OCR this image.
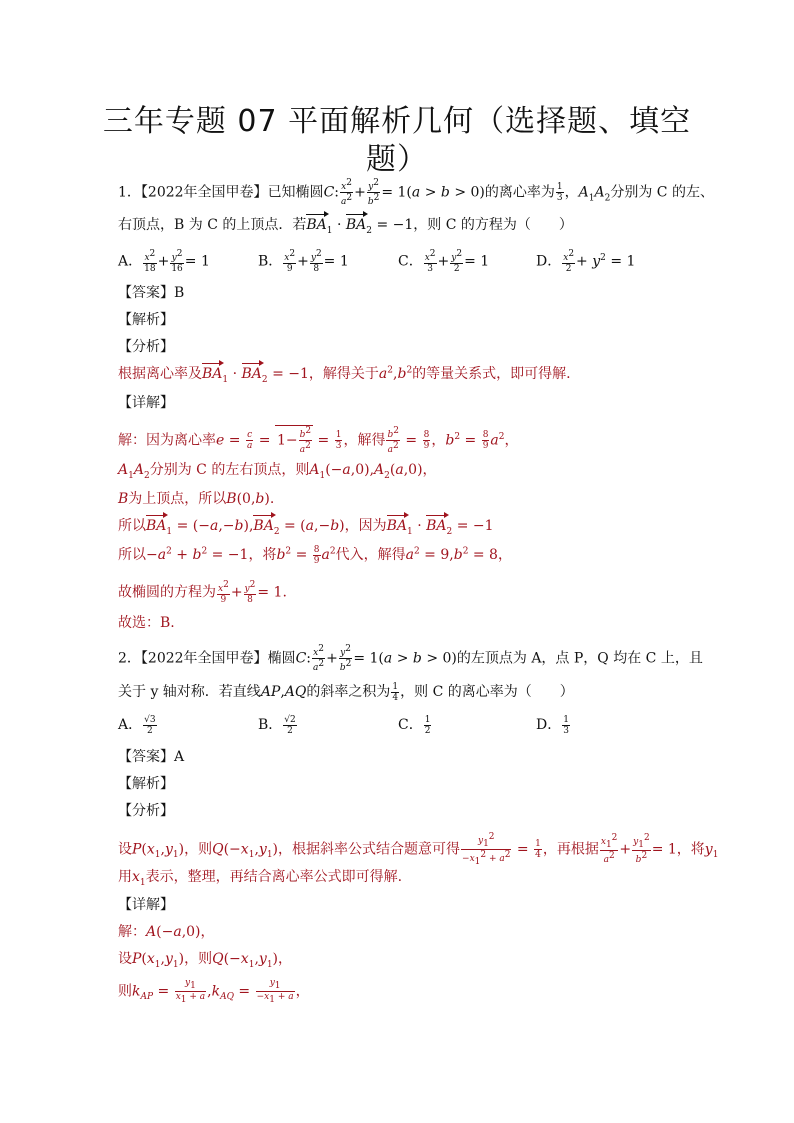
三年专题 07 平面解析几何（选择题、填空
题）
1．【2022年全国甲卷】已知椭圆C: $\frac{x^2}{a^2} + \frac{y^2}{b^2} = 1(a > b > 0)$的离心率为 $\frac{1}{3}$ ，$A_1A_2$分别为 C 的左、
右顶点，B 为 C 的上顶点．若$BA_1 \cdot BA_2 = -1$，则 C 的方程为（　　）
A． $\frac{x^2}{18} + \frac{y^2}{16} = 1$	B． $\frac{x^2}{9} + \frac{y^2}{8} = 1$	C． $\frac{x^2}{3} + \frac{y^2}{2} = 1$	D． $\frac{x^2}{2} + y^2 = 1$
【答案】B
【解析】
【分析】
根据离心率及$BA_1 \cdot BA_2 = -1$，解得关于$a^2,b^2$的等量关系式，即可得解.
【详解】
解：因为离心率$e = \frac{c}{a} = 1- \frac{b^2}{a^2} = \frac{1}{3}$ ，解得 $\frac{b^2}{a^2} = \frac{8}{9}$ ，$b^2 = \frac{8}{9} a^2$，
$A_1A_2$分别为 C 的左右顶点，则$A_1(-a,0),A_2(a,0)$，
B为上顶点，所以B(0,b).
所以$BA_1 = (-a,-b),BA_2 = (a,-b)$，因为$BA_1 \cdot BA_2 = -1$
所以$-a^2 + b^2 = -1$，将$b^2 = \frac{8}{9} a^2$代入，解得$a^2 = 9,b^2 = 8$，
故椭圆的方程为 $\frac{x^2}{9} + \frac{y^2}{8} = 1$.
故选：B.
2．【2022年全国甲卷】椭圆C: $\frac{x^2}{a^2} + \frac{y^2}{b^2} = 1(a > b > 0)$的左顶点为 A，点 P，Q 均在 C 上，且
关于 y 轴对称．若直线AP,AQ的斜率之积为 $\frac{1}{4}$ ，则 C 的离心率为（　　）
A． $\frac{√3}{2}$	B． $\frac{√2}{2}$	C． $\frac{1}{2}$	D． $\frac{1}{3}$
【答案】A
【解析】
【分析】
设$P(x_1,y_1)$，则$Q(-x_1,y_1)$，根据斜率公式结合题意可得 $\frac{y_1^2}{-x_1^2 + a^2} = \frac{1}{4}$ ，再根据 $\frac{x_1^2}{a^2} + \frac{y_1^2}{b^2} = 1$，将$y_1$
用$x_1$表示，整理，再结合离心率公式即可得解.
【详解】
解：A(−a,0)，
设$P(x_1,y_1)$，则$Q(-x_1,y_1)$，
则$k_{AP} = \frac{y_1}{x_1 + a} ,k_{AQ} = \frac{y_1}{-x_1 + a}$ ，
